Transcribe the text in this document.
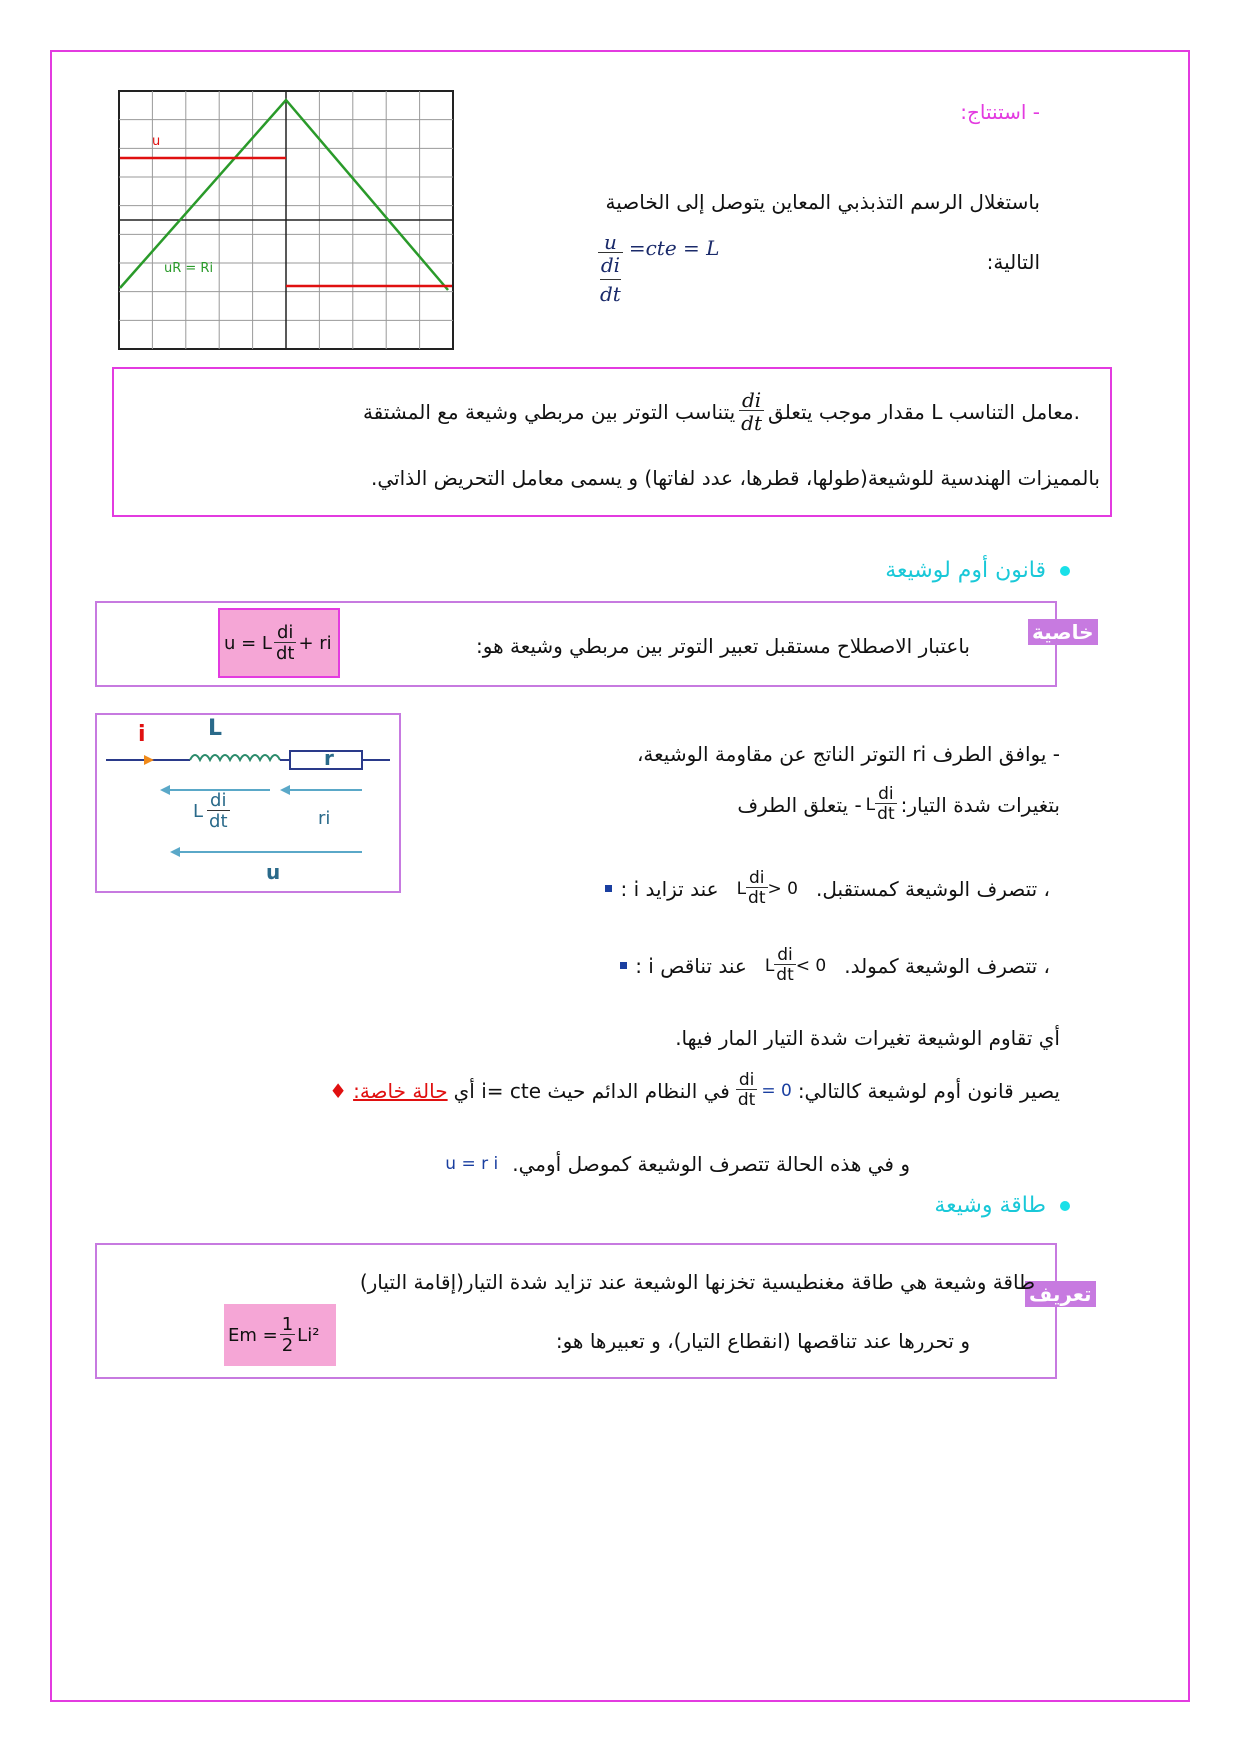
u
uR = Ri
- استنتاج:
باستغلال الرسم التذبذبي المعاين يتوصل إلى الخاصية
التالية:
u
di
dt =cte = L
يتناسب التوتر بين مربطي وشيعة مع المشتقة $\frac{di}{dt}$ .معامل التناسب L مقدار موجب يتعلق
بالمميزات الهندسية للوشيعة(طولها، قطرها، عدد لفاتها) و يسمى معامل التحريض الذاتي.
قانون أوم لوشيعة
خاصية
باعتبار الاصطلاح مستقبل تعبير التوتر بين مربطي وشيعة هو:
u = L $\frac{di}{dt}$ + ri
i	L
r
L $\frac{di}{dt}$	ri
u
- يوافق الطرف ri التوتر الناتج عن مقاومة الوشيعة،
- يتعلق الطرف L $\frac{di}{dt}$ بتغيرات شدة التيار:
عند تزايد i : L $\frac{di}{dt} > 0$ ، تتصرف الوشيعة كمستقبل.
عند تناقص i : L $\frac{di}{dt} < 0$ ، تتصرف الوشيعة كمولد.
أي تقاوم الوشيعة تغيرات شدة التيار المار فيها.
♦ حالة خاصة: في النظام الدائم حيث i= cte أي $\frac{di}{dt} = 0$ يصير قانون أوم لوشيعة كالتالي:
u = r i و في هذه الحالة تتصرف الوشيعة كموصل أومي.
طاقة وشيعة
تعريف
طاقة وشيعة هي طاقة مغنطيسية تخزنها الوشيعة عند تزايد شدة التيار(إقامة التيار)
و تحررها عند تناقصها (انقطاع التيار)، و تعبيرها هو:
$Em = \frac{1}{2} Li^2$
